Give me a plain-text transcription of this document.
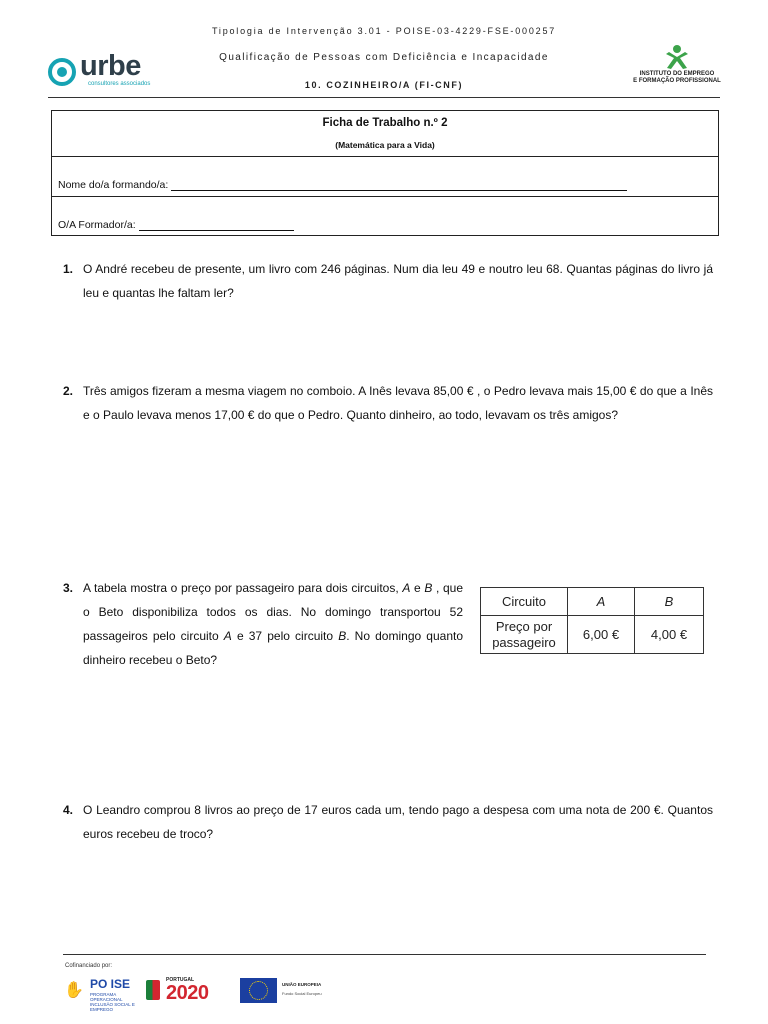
Tipologia de Intervenção 3.01 - POISE-03-4229-FSE-000257
Qualificação de Pessoas com Deficiência e Incapacidade
10. COZINHEIRO/A (FI-CNF)
urbe
consultores associados
INSTITUTO DO EMPREGO
E FORMAÇÃO PROFISSIONAL
Ficha de Trabalho n.º 2
(Matemática para a Vida)
Nome do/a formando/a:
O/A Formador/a:
1. O André recebeu de presente, um livro com 246 páginas. Num dia leu 49 e noutro leu 68. Quantas páginas do livro já leu e quantas lhe faltam ler?
2. Três amigos fizeram a mesma viagem no comboio. A Inês levava 85,00 € , o Pedro levava mais 15,00 € do que a Inês e o Paulo levava menos 17,00 € do que o Pedro. Quanto dinheiro, ao todo, levavam os três amigos?
3. A tabela mostra o preço por passageiro para dois circuitos, A e B , que o Beto disponibiliza todos os dias. No domingo transportou 52 passageiros pelo circuito A e 37 pelo circuito B. No domingo quanto dinheiro recebeu o Beto?
Circuito	A	B

Preço por
passageiro	6,00 €	4,00 €
4. O Leandro comprou 8 livros ao preço de 17 euros cada um, tendo pago a despesa com uma nota de 200 €. Quantos euros recebeu de troco?
Cofinanciado por:
✋ PO ISE
PROGRAMA OPERACIONAL INCLUSÃO SOCIAL E EMPREGO
PORTUGAL
2020	UNIÃO EUROPEIA
Fundo Social Europeu
